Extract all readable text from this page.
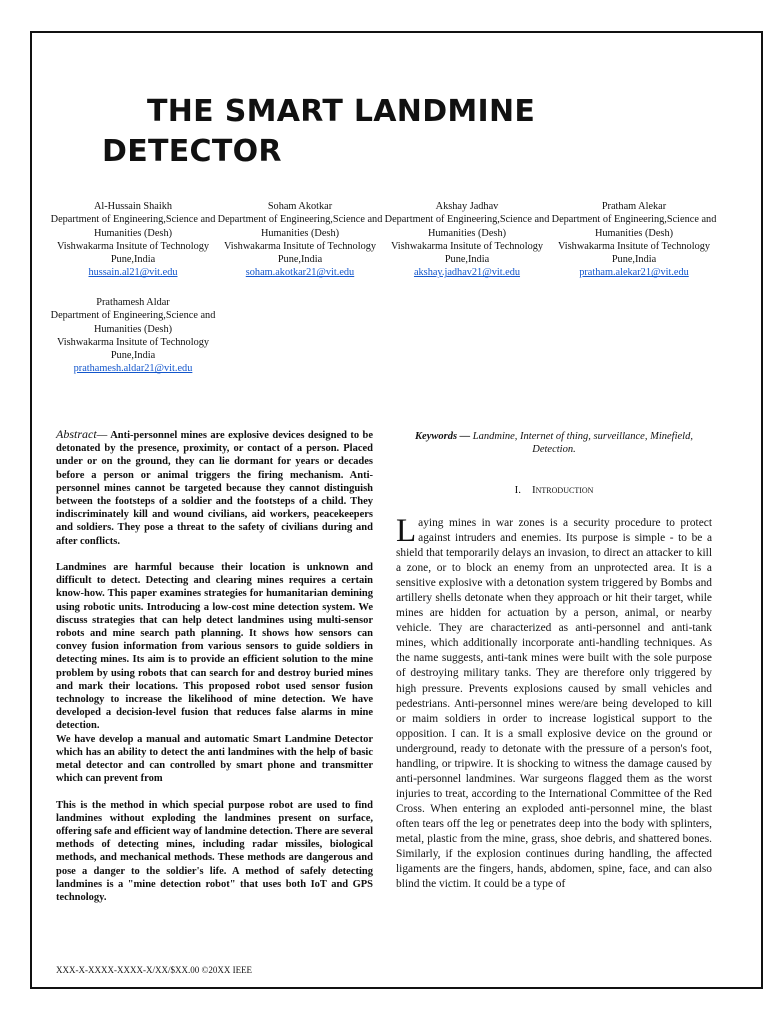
THE SMART LANDMINE DETECTOR
Al-Hussain Shaikh
Department of Engineering,Science and Humanities (Desh)
Vishwakarma Insitute of Technology
Pune,India
hussain.al21@vit.edu
Soham Akotkar
Department of Engineering,Science and Humanities (Desh)
Vishwakarma Insitute of Technology
Pune,India
soham.akotkar21@vit.edu
Akshay Jadhav
Department of Engineering,Science and Humanities (Desh)
Vishwakarma Insitute of Technology
Pune,India
akshay.jadhav21@vit.edu
Pratham Alekar
Department of Engineering,Science and Humanities (Desh)
Vishwakarma Insitute of Technology
Pune,India
pratham.alekar21@vit.edu
Prathamesh Aldar
Department of Engineering,Science and Humanities (Desh)
Vishwakarma Insitute of Technology
Pune,India
prathamesh.aldar21@vit.edu

Abstract— Anti-personnel mines are explosive devices designed to be detonated by the presence, proximity, or contact of a person. Placed under or on the ground, they can lie dormant for years or decades before a person or animal triggers the firing mechanism. Anti-personnel mines cannot be targeted because they cannot distinguish between the footsteps of a soldier and the footsteps of a child. They indiscriminately kill and wound civilians, aid workers, peacekeepers and soldiers. They pose a threat to the safety of civilians during and after conflicts.

Landmines are harmful because their location is unknown and difficult to detect. Detecting and clearing mines requires a certain know-how. This paper examines strategies for humanitarian demining using robotic units. Introducing a low-cost mine detection system. We discuss strategies that can help detect landmines using multi-sensor robots and mine search path planning. It shows how sensors can convey fusion information from various sensors to guide soldiers in detecting mines. Its aim is to provide an efficient solution to the mine problem by using robots that can search for and destroy buried mines and mark their locations. This proposed robot used sensor fusion technology to increase the likelihood of mine detection. We have developed a decision-level fusion that reduces false alarms in mine detection.

We have develop a manual and automatic Smart Landmine Detector which has an ability to detect the anti landmines with the help of basic metal detector and can controlled by smart phone and transmitter which can prevent from

This is the method in which special purpose robot are used to find landmines without exploding the landmines present on surface, offering safe and efficient way of landmine detection. There are several methods of detecting mines, including radar missiles, biological methods, and mechanical methods. These methods are dangerous and pose a danger to the soldier's life. A method of safely detecting landmines is a "mine detection robot" that uses both IoT and GPS technology.

Keywords — Landmine, Internet of thing, surveillance, Minefield, Detection.
I. Introduction

Laying mines in war zones is a security procedure to protect against intruders and enemies. Its purpose is simple - to be a shield that temporarily delays an invasion, to direct an attacker to kill a zone, or to block an enemy from an unprotected area. It is a sensitive explosive with a detonation system triggered by Bombs and artillery shells detonate when they approach or hit their target, while mines are hidden for actuation by a person, animal, or nearby vehicle. They are characterized as anti-personnel and anti-tank mines, which additionally incorporate anti-handling techniques. As the name suggests, anti-tank mines were built with the sole purpose of destroying military tanks. They are therefore only triggered by high pressure. Prevents explosions caused by small vehicles and pedestrians. Anti-personnel mines were/are being developed to kill or maim soldiers in order to increase logistical support to the opposition. I can. It is a small explosive device on the ground or underground, ready to detonate with the pressure of a person's foot, handling, or tripwire. It is shocking to witness the damage caused by anti-personnel landmines. War surgeons flagged them as the worst injuries to treat, according to the International Committee of the Red Cross. When entering an exploded anti-personnel mine, the blast often tears off the leg or penetrates deep into the body with splinters, metal, plastic from the mine, grass, shoe debris, and shattered bones. Similarly, if the explosion continues during handling, the affected ligaments are the fingers, hands, abdomen, spine, face, and can also blind the victim. It could be a type of

XXX-X-XXXX-XXXX-X/XX/$XX.00 ©20XX IEEE
